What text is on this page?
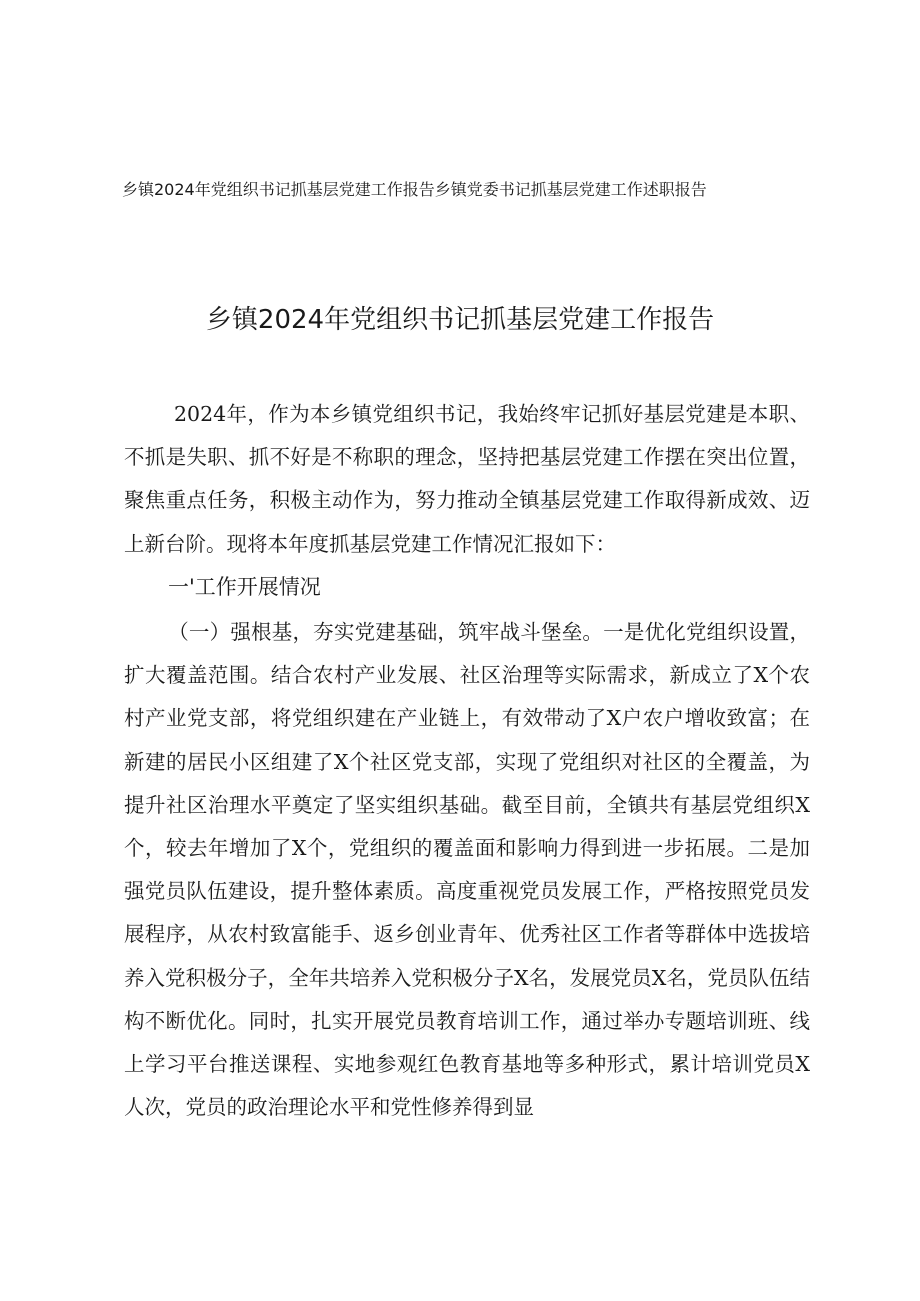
乡镇2024年党组织书记抓基层党建工作报告乡镇党委书记抓基层党建工作述职报告
乡镇2024年党组织书记抓基层党建工作报告
2024年，作为本乡镇党组织书记，我始终牢记抓好基层党建是本职、不抓是失职、抓不好是不称职的理念，坚持把基层党建工作摆在突出位置，聚焦重点任务，积极主动作为，努力推动全镇基层党建工作取得新成效、迈上新台阶。现将本年度抓基层党建工作情况汇报如下：
一'工作开展情况
（一）强根基，夯实党建基础，筑牢战斗堡垒。一是优化党组织设置，扩大覆盖范围。结合农村产业发展、社区治理等实际需求，新成立了X个农村产业党支部，将党组织建在产业链上，有效带动了X户农户增收致富；在新建的居民小区组建了X个社区党支部，实现了党组织对社区的全覆盖，为提升社区治理水平奠定了坚实组织基础。截至目前，全镇共有基层党组织X个，较去年增加了X个，党组织的覆盖面和影响力得到进一步拓展。二是加强党员队伍建设，提升整体素质。高度重视党员发展工作，严格按照党员发展程序，从农村致富能手、返乡创业青年、优秀社区工作者等群体中选拔培养入党积极分子，全年共培养入党积极分子X名，发展党员X名，党员队伍结构不断优化。同时，扎实开展党员教育培训工作，通过举办专题培训班、线上学习平台推送课程、实地参观红色教育基地等多种形式，累计培训党员X人次，党员的政治理论水平和党性修养得到显
